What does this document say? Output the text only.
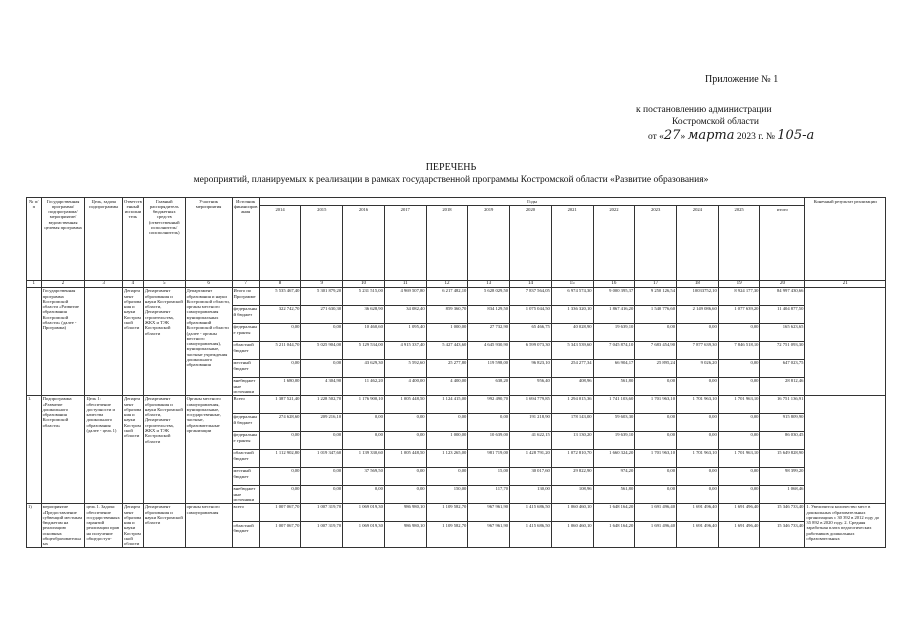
Приложение № 1
к постановлению администрации
Костромской области
от «27» марта 2023 г. № 105-а
ПЕРЕЧЕНЬ
мероприятий, планируемых к реализации в рамках государственной программы Костромской области «Развитие образования»
№ п/п	Государственная программа/подпрограмма/мероприятие/ведомственная целевая программа	Цель, задача подпрограммы	Ответственный исполнитель	Главный распорядитель бюджетных средств (ответственный исполнитель/соисполнитель)	Участник мероприятия	Источник финансирования	Годы													Конечный результат реализации
							2014	2015	2016	2017	2018	2019	2020	2021	2022	2023	2024	2025	итого	
1	2	3	4	5	6	7	8	9	10	11	12	13	14	15	16	17	18	19	20	21
	Государственная программа Костромской области «Развитие образования Костромской области» (далее - Программа)		Департамент образования и науки Костромской области	Департамент образования и науки Костромской области, Департамент строительства, ЖКХ и ТЭК Костромской области	Департамент образования и науки Костромской области, органы местного самоуправления муниципальных образований Костромской области (далее - органы местного самоуправления), муниципальные, частные учреждения дошкольного образования	Итого по Программе	5 535 467,40	5 301 879,20	5 231 515,00	4 969 507,80	6 217 482,10	5 628 029,50	7 837 564,05	6 974 574,30	9 000 395,37	9 250 126,54	10033752,10	8 924 177,30	84 997 430,66	
						федеральный бюджет	322 742,70	271 630,30	36 628,90	34 082,40	859 360,70	834 129,50	1 075 044,50	1 336 320,10	1 867 416,20	1 540 776,60	2 149 086,60	1 077 639,20	11 404 877,50	
						федеральные гранты	0,00	0,00	10 460,60	1 095,40	1 000,00	27 732,90	65 466,75	40 028,90	19 639,10	0,00	0,00	0,00	165 623,65	
						областной бюджет	5 211 044,70	5 025 904,00	5 129 534,00	4 915 337,40	5 427 443,60	4 645 930,90	6 599 073,30	5 343 539,60	7 045 874,10	7 683 454,90	7 877 639,30	7 846 518,10	72 751 093,30	
						местный бюджет	0,00	0,00	43 629,30	5 592,60	25 277,80	119 598,00	96 823,10	254 277,34	66 904,17	25 895,24	9 026,20	0,00	647 023,75	
						внебюджетные источники	1 680,00	4 304,90	11 462,20	4 400,00	4 400,00	638,20	956,40	408,96	561,80	0,00	0,00	0,00	28 812,46	
1.	Подпрограмма «Развитие дошкольного образования Костромской области»	Цель 1: обеспечение доступности и качества дошкольного образования (далее - цель 1)	Департамент образования и науки Костромской области	Департамент образования и науки Костромской области, Департамент строительства, ЖКХ и ТЭК Костромской области	Органы местного самоуправления, муниципальные, государственные, частные, образовательные организации	Всего	1 387 521,40	1 228 502,70	1 176 900,10	1 005 448,50	1 124 415,00	992 490,70	1 694 779,85	1 294 015,36	1 741 103,60	1 701 963,10	1 701 963,10	1 701 963,10	16 751 136,91	
						федеральный бюджет	274 628,60	209 216,10	0,00	0,00	0,00	0,00	191 218,90	178 143,00	59 603,30	0,00	0,00	0,00	915 809,90	
						федеральные гранты	0,00	0,00	0,00	0,00	1 000,00	10 639,00	41 622,15	13 130,20	19 639,10	0,00	0,00	0,00	86 030,45	
						областной бюджет	1 112 902,80	1 019 347,60	1 139 330,60	1 005 448,50	1 123 265,00	981 719,00	1 428 791,20	1 072 810,70	1 660 324,20	1 701 963,10	1 701 963,10	1 701 963,10	15 649 828,90	
						местный бюджет	0,00	0,00	37 569,50	0,00	0,00	15,00	30 017,60	29 822,90	974,20	0,00	0,00	0,00	98 399,20	
						внебюджетные источники	0,00	0,00	0,00	0,00	150,00	117,70	130,00	108,96	561,80	0,00	0,00	0,00	1 068,46	
1)	мероприятие «Предоставление субвенций местным бюджетам на реализацию основных общеобразовательных	цель 1. Задача: обеспечение государственных гарантий реализации прав на получение общедоступ-	Департамент образования и науки Костромской области	Департамент образования и науки Костромской области	органы местного самоуправления	всего	1 007 067,70	1 007 319,70	1 069 019,30	986 980,10	1 109 582,70	967 961,90	1 415 686,50	1 060 460,10	1 648 164,20	1 691 496,40	1 691 496,40	1 691 496,40	15 346 733,40	1. Увеличится количество мест в дошкольных образовательных организациях с 30 392 в 2012 году до 35 892 в 2020 году. 2. Средняя заработная плата педагогических работников дошкольных образовательных
						областной бюджет	1 007 067,70	1 007 319,70	1 069 019,30	986 980,10	1 109 582,70	967 961,90	1 415 686,50	1 060 460,10	1 648 164,20	1 691 496,40	1 691 496,40	1 691 496,40	15 346 733,40	
